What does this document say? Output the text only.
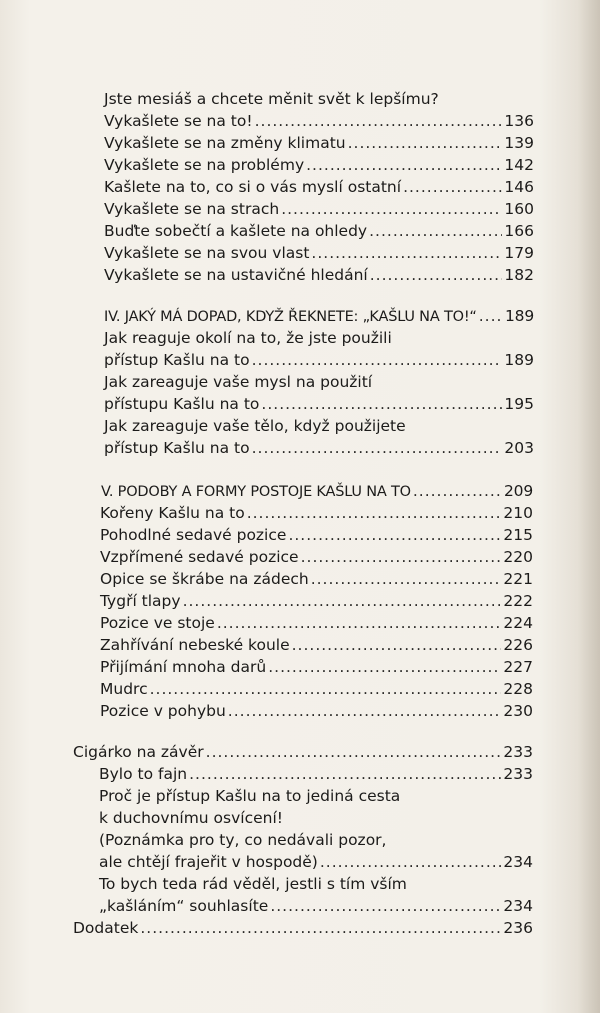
Jste mesiáš a chcete měnit svět k lepšímu?
Vykašlete se na to! .....	136
Vykašlete se na změny klimatu .....	139
Vykašlete se na problémy .....	142
Kašlete na to, co si o vás myslí ostatní .....	146
Vykašlete se na strach .....	160
Buďte sobečtí a kašlete na ohledy .....	166
Vykašlete se na svou vlast .....	179
Vykašlete se na ustavičné hledání .....	182
IV. JAKÝ MÁ DOPAD, KDYŽ ŘEKNETE: „KAŠLU NA TO!“ ..... 189
Jak reaguje okolí na to, že jste použili
přístup Kašlu na to .....	189
Jak zareaguje vaše mysl na použití
přístupu Kašlu na to .....	195
Jak zareaguje vaše tělo, když použijete
přístup Kašlu na to .....	203
V. PODOBY A FORMY POSTOJE KAŠLU NA TO .....	209
Kořeny Kašlu na to .....	210
Pohodlné sedavé pozice .....	215
Vzpřímené sedavé pozice .....	220
Opice se škrábe na zádech .....	221
Tygří tlapy .....	222
Pozice ve stoje .....	224
Zahřívání nebeské koule .....	226
Přijímání mnoha darů .....	227
Mudrc .....	228
Pozice v pohybu .....	230
Cigárko na závěr .....	233
Bylo to fajn .....	233
Proč je přístup Kašlu na to jediná cesta
k duchovnímu osvícení!
(Poznámka pro ty, co nedávali pozor,
ale chtějí frajeřit v hospodě) .....	234
To bych teda rád věděl, jestli s tím vším
„kašláním“ souhlasíte .....	234
Dodatek .....	236
